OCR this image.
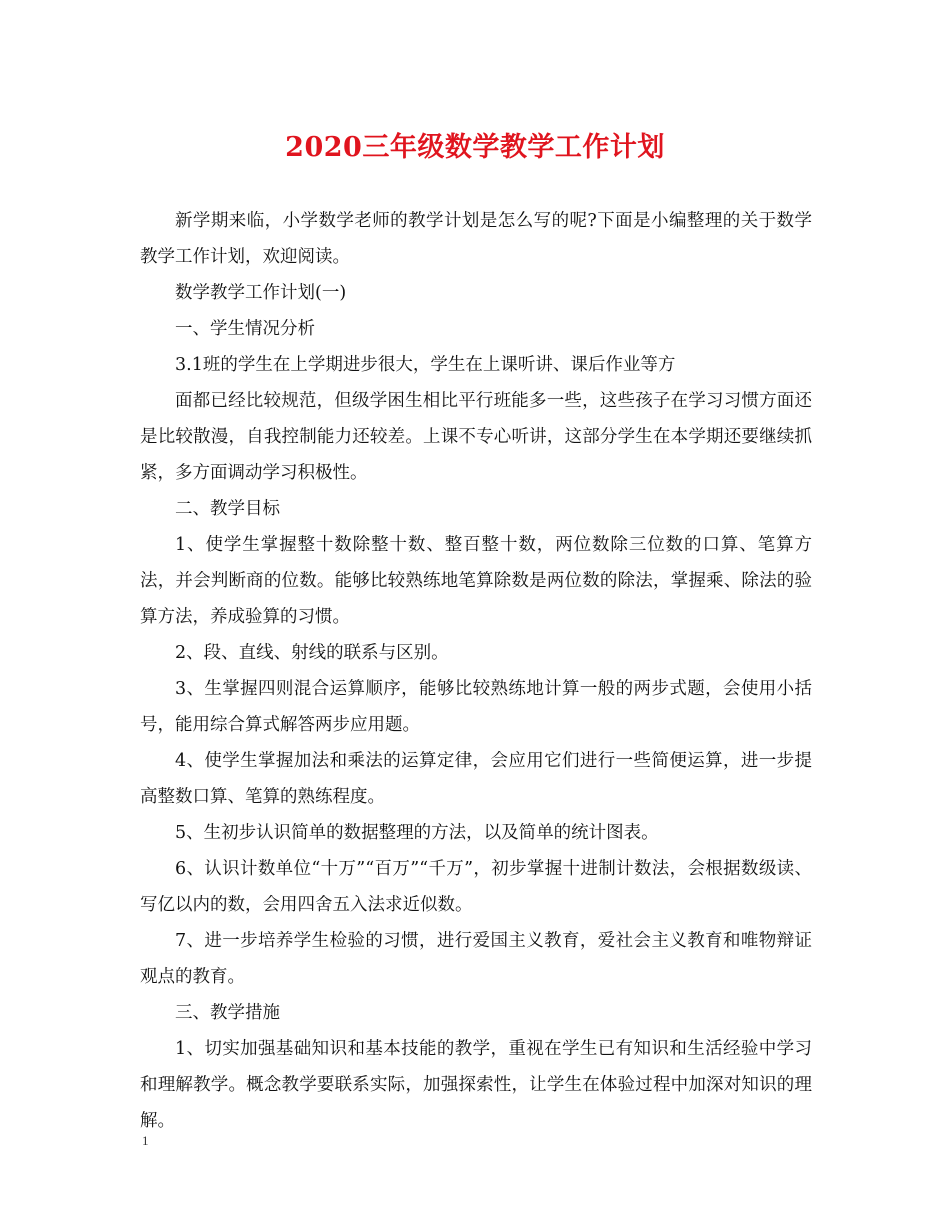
2020三年级数学教学工作计划

新学期来临，小学数学老师的教学计划是怎么写的呢?下面是小编整理的关于数学教学工作计划，欢迎阅读。

数学教学工作计划(一)

一、学生情况分析

3.1班的学生在上学期进步很大，学生在上课听讲、课后作业等方

面都已经比较规范，但级学困生相比平行班能多一些，这些孩子在学习习惯方面还是比较散漫，自我控制能力还较差。上课不专心听讲，这部分学生在本学期还要继续抓紧，多方面调动学习积极性。

二、教学目标

1、使学生掌握整十数除整十数、整百整十数，两位数除三位数的口算、笔算方法，并会判断商的位数。能够比较熟练地笔算除数是两位数的除法，掌握乘、除法的验算方法，养成验算的习惯。

2、段、直线、射线的联系与区别。

3、生掌握四则混合运算顺序，能够比较熟练地计算一般的两步式题，会使用小括号，能用综合算式解答两步应用题。

4、使学生掌握加法和乘法的运算定律，会应用它们进行一些简便运算，进一步提高整数口算、笔算的熟练程度。

5、生初步认识简单的数据整理的方法，以及简单的统计图表。

6、认识计数单位“十万”“百万”“千万”，初步掌握十进制计数法，会根据数级读、写亿以内的数，会用四舍五入法求近似数。

7、进一步培养学生检验的习惯，进行爱国主义教育，爱社会主义教育和唯物辩证观点的教育。

三、教学措施

1、切实加强基础知识和基本技能的教学，重视在学生已有知识和生活经验中学习和理解教学。概念教学要联系实际，加强探索性，让学生在体验过程中加深对知识的理解。

1
